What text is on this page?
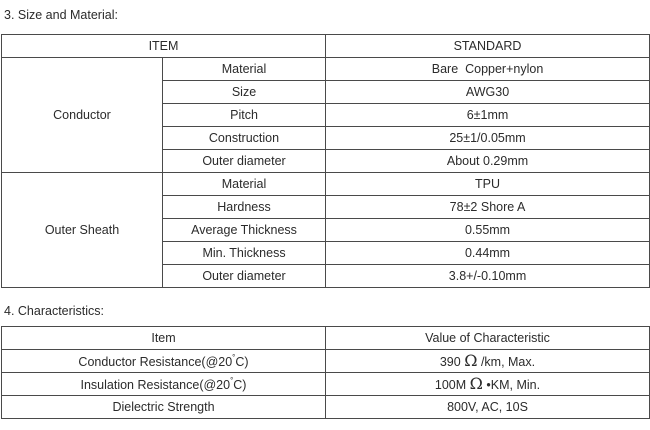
3. Size and Material:
ITEM		STANDARD
Conductor	Material	Bare  Copper+nylon
	Size	AWG30
	Pitch	6±1mm
	Construction	25±1/0.05mm
	Outer diameter	About 0.29mm
Outer Sheath	Material	TPU
	Hardness	78±2 Shore A
	Average Thickness	0.55mm
	Min. Thickness	0.44mm
	Outer diameter	3.8+/-0.10mm
4. Characteristics:
Item	Value of Characteristic
Conductor Resistance(@20°C)	390 Ω /km, Max.
Insulation Resistance(@20°C)	100M Ω •KM, Min.
Dielectric Strength	800V, AC, 10S
